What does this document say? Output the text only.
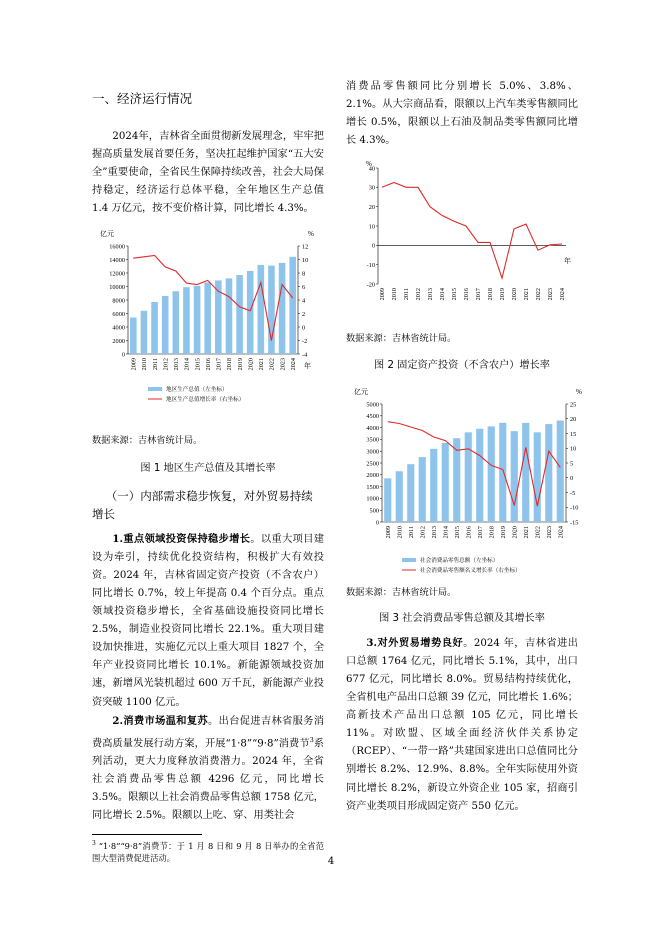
一、经济运行情况

2024年，吉林省全面贯彻新发展理念，牢牢把握高质量发展首要任务，坚决扛起维护国家“五大安全”重要使命，全省民生保障持续改善，社会大局保持稳定，经济运行总体平稳，全年地区生产总值 1.4 万亿元，按不变价格计算，同比增长 4.3%。

亿元	%
0
2000
4000
6000
8000
10000
12000
14000
16000
-4
-2
0
2
4
6
8
10
12
2009 2010 2011 2012 2013 2014 2015 2016 2017 2018 2019 2020 2021 2022 2023 2024 年
地区生产总值（左坐标）
地区生产总值增长率（右坐标）

数据来源：吉林省统计局。

图 1 地区生产总值及其增长率

（一）内部需求稳步恢复，对外贸易持续增长

1.重点领域投资保持稳步增长。以重大项目建设为牵引，持续优化投资结构，积极扩大有效投资。2024 年，吉林省固定资产投资（不含农户）同比增长 0.7%，较上年提高 0.4 个百分点。重点领域投资稳步增长，全省基础设施投资同比增长 2.5%，制造业投资同比增长 22.1%。重大项目建设加快推进，实施亿元以上重大项目 1827 个，全年产业投资同比增长 10.1%。新能源领域投资加速，新增风光装机超过 600 万千瓦，新能源产业投资突破 1100 亿元。

2.消费市场温和复苏。出台促进吉林省服务消费高质量发展行动方案，开展“1·8”“9·8”消费节$^3$系列活动，更大力度释放消费潜力。2024 年，全省社会消费品零售总额 4296 亿元，同比增长 3.5%。限额以上社会消费品零售总额 1758 亿元，同比增长 2.5%。限额以上吃、穿、用类社会

$^3$ “1·8”“9·8”消费节：于 1 月 8 日和 9 月 8 日举办的全省范围大型消费促进活动。

消费品零售额同比分别增长 5.0%、3.8%、2.1%。从大宗商品看，限额以上汽车类零售额同比增长 0.5%，限额以上石油及制品类零售额同比增长 4.3%。

%
-20
-10
0
10
20
30
40
2009 2010 2011 2012 2013 2014 2015 2016 2017 2018 2019 2020 2021 2022 2023 2024
年

数据来源：吉林省统计局。

图 2 固定资产投资（不含农户）增长率

亿元	%
0
500
1000
1500
2000
2500
3000
3500
4000
4500
5000
-15
-10
-5
0
5
10
15
20
25
2009 2010 2011 2012 2013 2014 2015 2016 2017 2018 2019 2020 2021 2022 2023 2024
社会消费品零售总额（左坐标）
社会消费品零售额名义增长率（右坐标）

数据来源：吉林省统计局。

图 3 社会消费品零售总额及其增长率

3.对外贸易增势良好。2024 年，吉林省进出口总额 1764 亿元，同比增长 5.1%，其中，出口 677 亿元，同比增长 8.0%。贸易结构持续优化，全省机电产品出口总额 39 亿元，同比增长 1.6%；高新技术产品出口总额 105 亿元，同比增长 11%。对欧盟、区域全面经济伙伴关系协定（RCEP）、“一带一路”共建国家进出口总值同比分别增长 8.2%、12.9%、8.8%。全年实际使用外资同比增长 8.2%，新设立外资企业 105 家，招商引资产业类项目形成固定资产 550 亿元。

4
